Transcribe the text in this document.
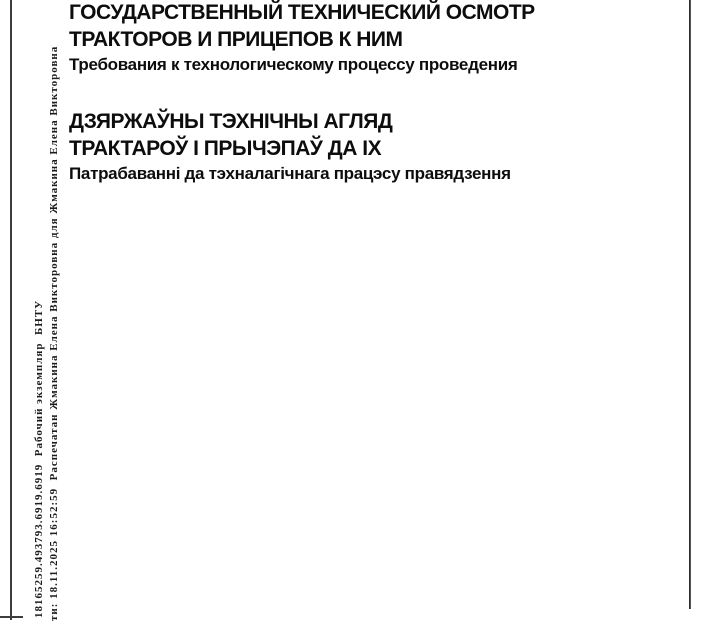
18165259.493793.6919.6919  Рабочий экземпляр  БНТУ ти: 18.11.2025 16:52:59  Распечатан Жмакина Елена Викторовна для Жмакина Елена Викторовна
ГОСУДАРСТВЕННЫЙ ТЕХНИЧЕСКИЙ ОСМОТР
ТРАКТОРОВ И ПРИЦЕПОВ К НИМ
Требования к технологическому процессу проведения
ДЗЯРЖАЎНЫ ТЭХНІЧНЫ АГЛЯД
ТРАКТАРОЎ І ПРЫЧЭПАЎ ДА ІХ
Патрабаванні да тэхналагічнага працэсу правядзення
